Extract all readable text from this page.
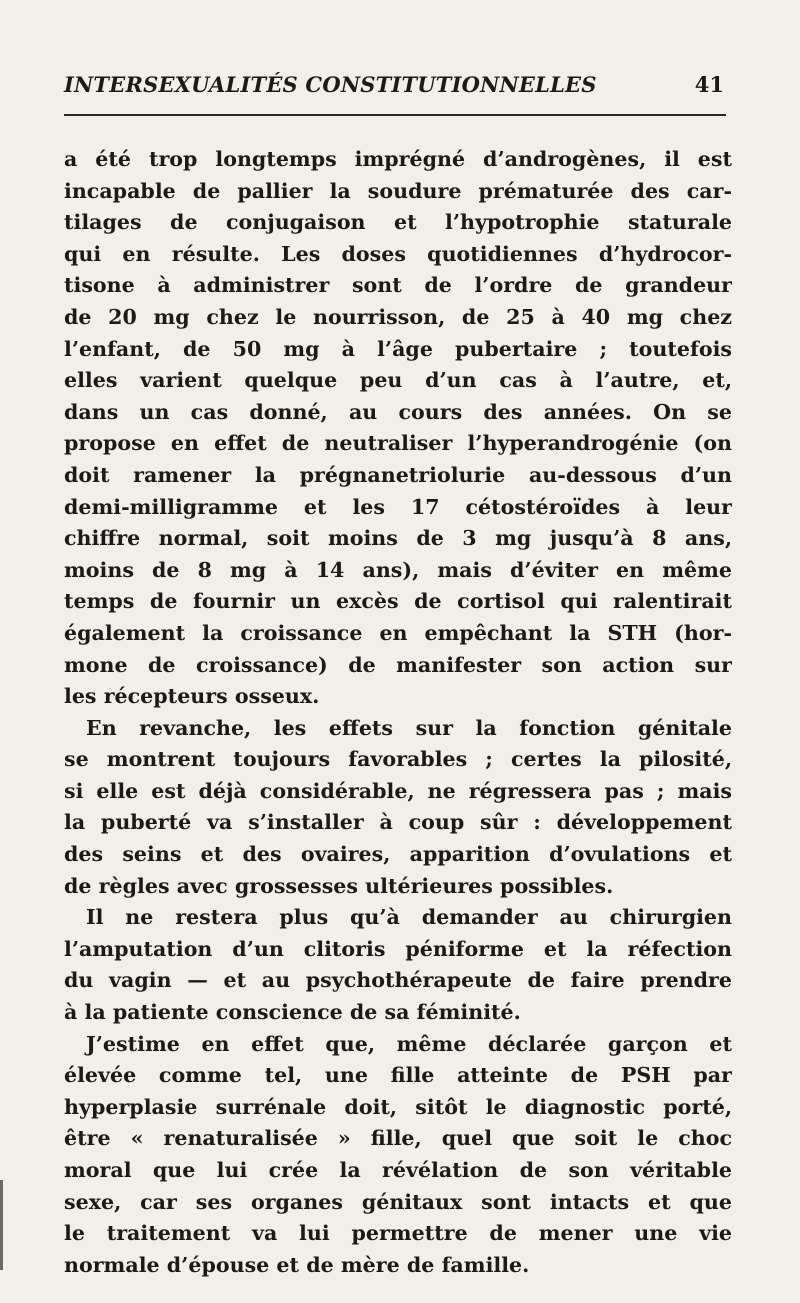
INTERSEXUALITÉS CONSTITUTIONNELLES	41
a été trop longtemps imprégné d’androgènes, il est
incapable de pallier la soudure prématurée des car-
tilages de conjugaison et l’hypotrophie staturale
qui en résulte. Les doses quotidiennes d’hydrocor-
tisone à administrer sont de l’ordre de grandeur
de 20 mg chez le nourrisson, de 25 à 40 mg chez
l’enfant, de 50 mg à l’âge pubertaire ; toutefois
elles varient quelque peu d’un cas à l’autre, et,
dans un cas donné, au cours des années. On se
propose en effet de neutraliser l’hyperandrogénie (on
doit ramener la prégnanetriolurie au-dessous d’un
demi-milligramme et les 17 cétostéroïdes à leur
chiffre normal, soit moins de 3 mg jusqu’à 8 ans,
moins de 8 mg à 14 ans), mais d’éviter en même
temps de fournir un excès de cortisol qui ralentirait
également la croissance en empêchant la STH (hor-
mone de croissance) de manifester son action sur
les récepteurs osseux.
En revanche, les effets sur la fonction génitale
se montrent toujours favorables ; certes la pilosité,
si elle est déjà considérable, ne régressera pas ; mais
la puberté va s’installer à coup sûr : développement
des seins et des ovaires, apparition d’ovulations et
de règles avec grossesses ultérieures possibles.
Il ne restera plus qu’à demander au chirurgien
l’amputation d’un clitoris péniforme et la réfection
du vagin — et au psychothérapeute de faire prendre
à la patiente conscience de sa féminité.
J’estime en effet que, même déclarée garçon et
élevée comme tel, une fille atteinte de PSH par
hyperplasie surrénale doit, sitôt le diagnostic porté,
être « renaturalisée » fille, quel que soit le choc
moral que lui crée la révélation de son véritable
sexe, car ses organes génitaux sont intacts et que
le traitement va lui permettre de mener une vie
normale d’épouse et de mère de famille.
